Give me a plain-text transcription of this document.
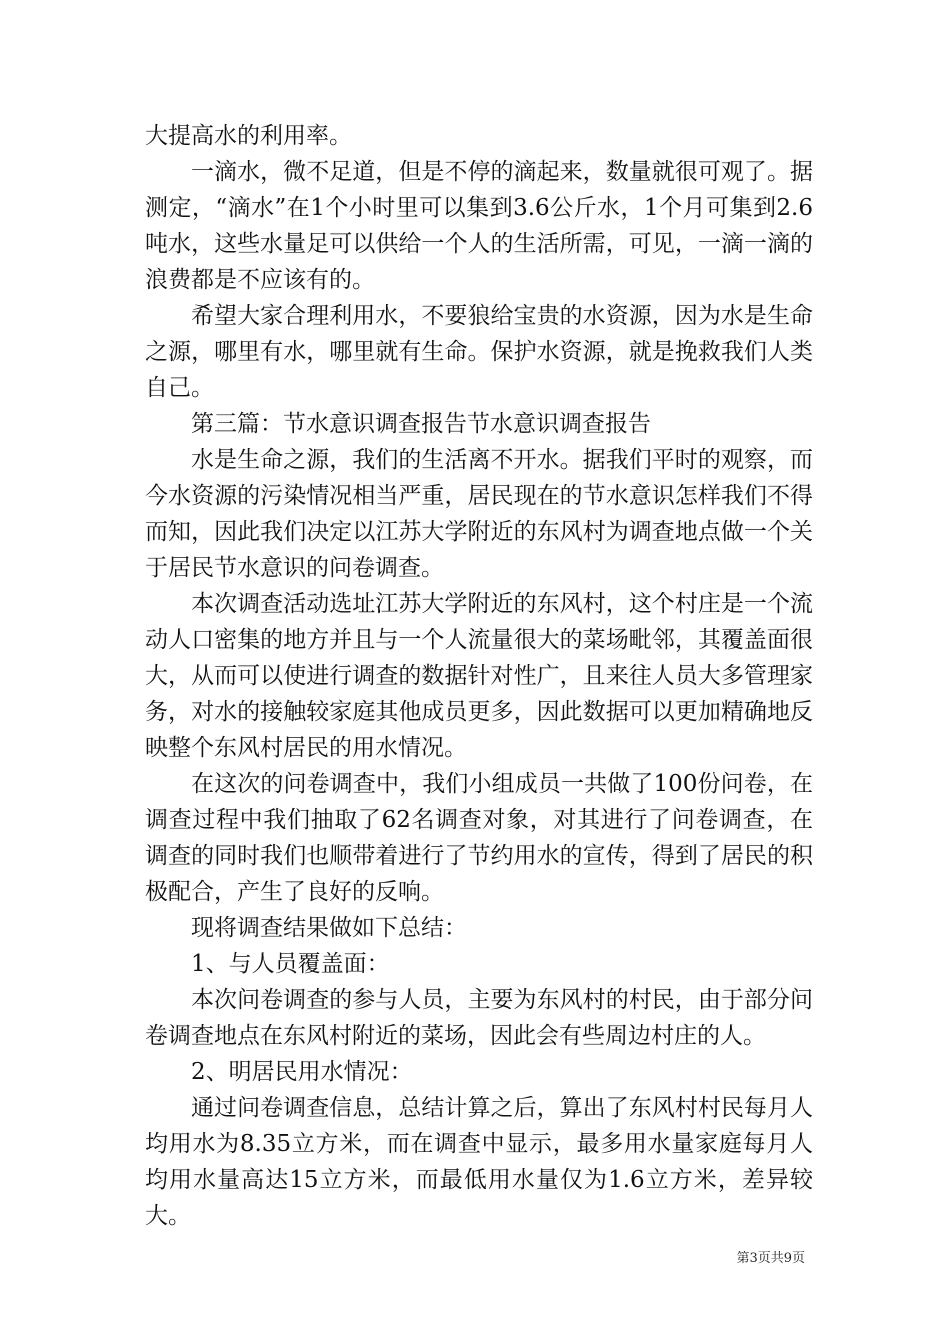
大提高水的利用率。

一滴水，微不足道，但是不停的滴起来，数量就很可观了。据测定，“滴水”在1个小时里可以集到3.6公斤水，1个月可集到2.6吨水，这些水量足可以供给一个人的生活所需，可见，一滴一滴的浪费都是不应该有的。

希望大家合理利用水，不要狼给宝贵的水资源，因为水是生命之源，哪里有水，哪里就有生命。保护水资源，就是挽救我们人类自己。

第三篇：节水意识调查报告节水意识调查报告

水是生命之源，我们的生活离不开水。据我们平时的观察，而今水资源的污染情况相当严重，居民现在的节水意识怎样我们不得而知，因此我们决定以江苏大学附近的东风村为调查地点做一个关于居民节水意识的问卷调查。

本次调查活动选址江苏大学附近的东风村，这个村庄是一个流动人口密集的地方并且与一个人流量很大的菜场毗邻，其覆盖面很大，从而可以使进行调查的数据针对性广，且来往人员大多管理家务，对水的接触较家庭其他成员更多，因此数据可以更加精确地反映整个东风村居民的用水情况。

在这次的问卷调查中，我们小组成员一共做了100份问卷，在调查过程中我们抽取了62名调查对象，对其进行了问卷调查，在调查的同时我们也顺带着进行了节约用水的宣传，得到了居民的积极配合，产生了良好的反响。

现将调查结果做如下总结：

1、与人员覆盖面：

本次问卷调查的参与人员，主要为东风村的村民，由于部分问卷调查地点在东风村附近的菜场，因此会有些周边村庄的人。

2、明居民用水情况：

通过问卷调查信息，总结计算之后，算出了东风村村民每月人均用水为8.35立方米，而在调查中显示，最多用水量家庭每月人均用水量高达15立方米，而最低用水量仅为1.6立方米，差异较大。

第3页共9页
